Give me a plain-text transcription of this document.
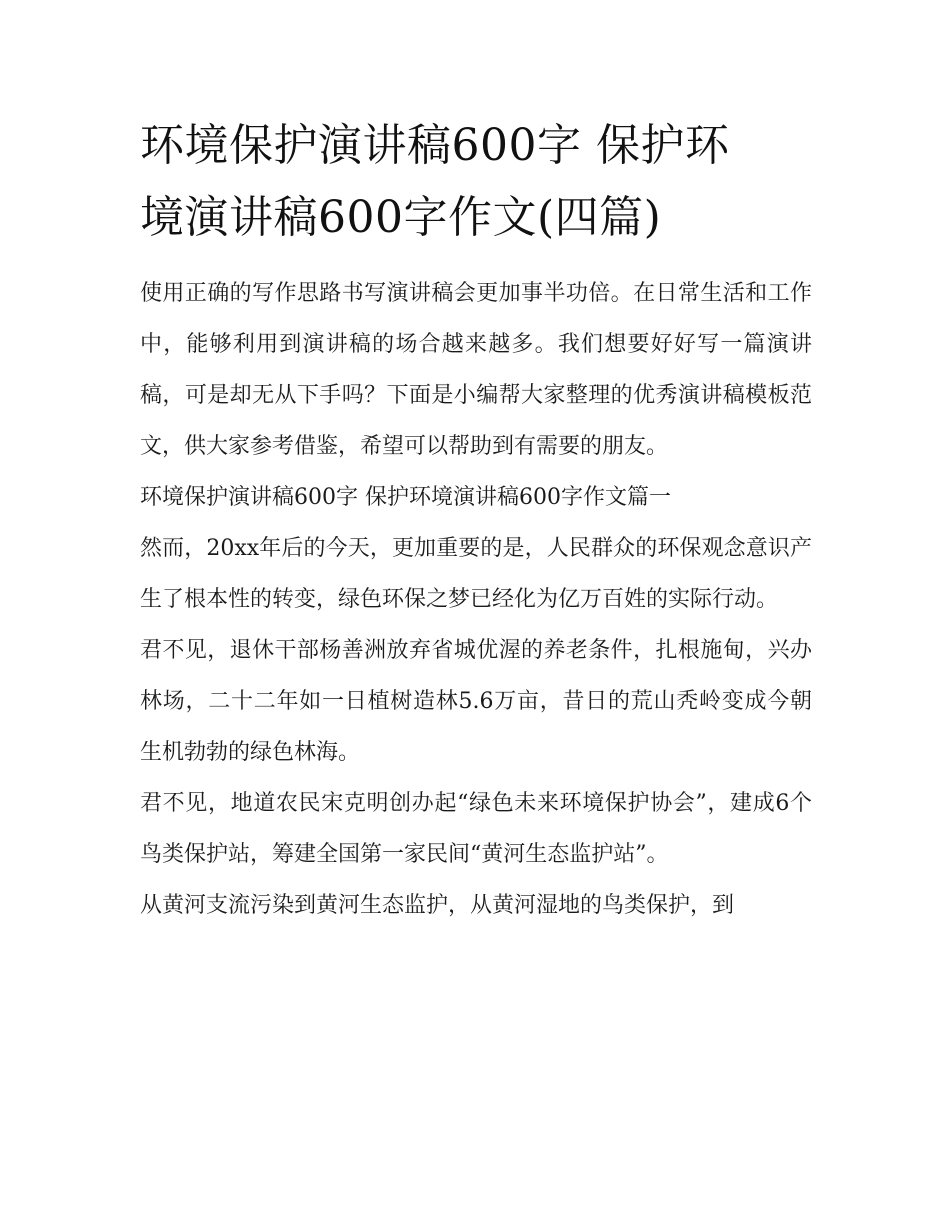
环境保护演讲稿600字 保护环
境演讲稿600字作文(四篇)

使用正确的写作思路书写演讲稿会更加事半功倍。在日常生活和工作中，能够利用到演讲稿的场合越来越多。我们想要好好写一篇演讲稿，可是却无从下手吗？下面是小编帮大家整理的优秀演讲稿模板范文，供大家参考借鉴，希望可以帮助到有需要的朋友。

环境保护演讲稿600字 保护环境演讲稿600字作文篇一

然而，20xx年后的今天，更加重要的是，人民群众的环保观念意识产生了根本性的转变，绿色环保之梦已经化为亿万百姓的实际行动。

君不见，退休干部杨善洲放弃省城优渥的养老条件，扎根施甸，兴办林场，二十二年如一日植树造林5.6万亩，昔日的荒山秃岭变成今朝生机勃勃的绿色林海。

君不见，地道农民宋克明创办起“绿色未来环境保护协会”，建成6个鸟类保护站，筹建全国第一家民间“黄河生态监护站”。

从黄河支流污染到黄河生态监护，从黄河湿地的鸟类保护，到
